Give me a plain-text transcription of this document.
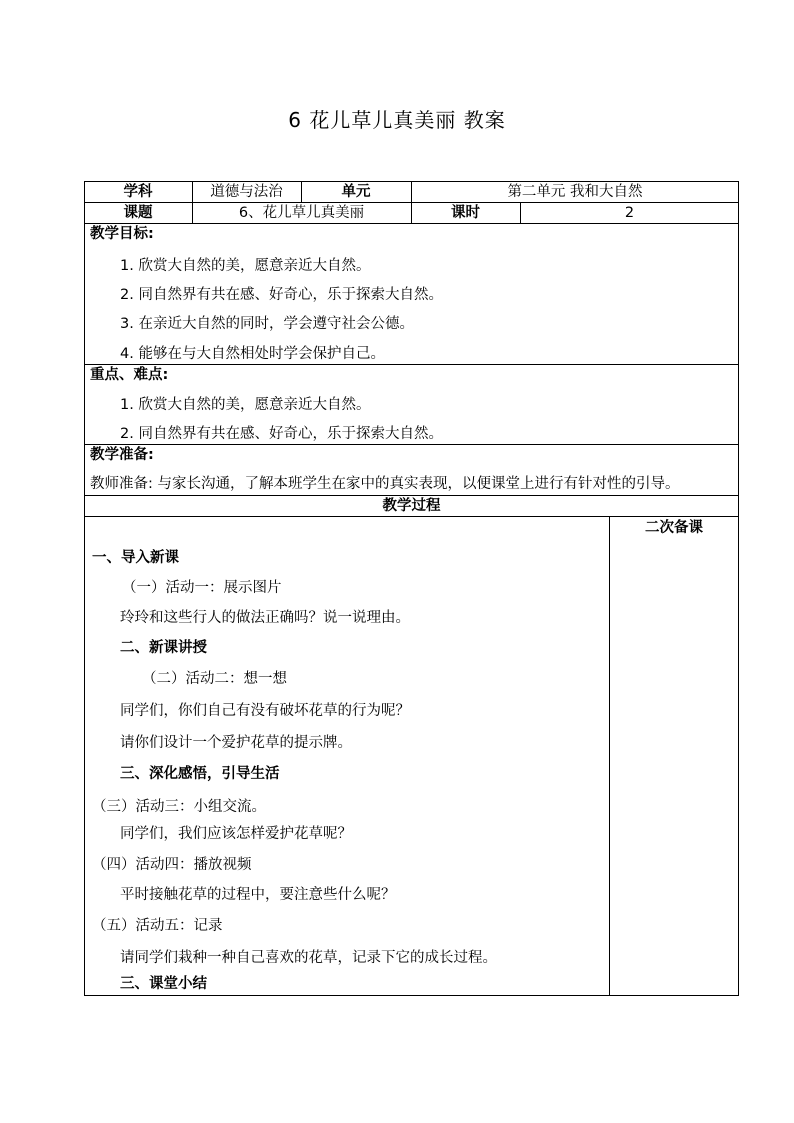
6 花儿草儿真美丽 教案
学科	道德与法治	单元	第二单元 我和大自然
课题	6、花儿草儿真美丽	课时	2
教学目标:
1. 欣赏大自然的美，愿意亲近大自然。
2. 同自然界有共在感、好奇心，乐于探索大自然。
3. 在亲近大自然的同时，学会遵守社会公德。
4. 能够在与大自然相处时学会保护自己。
重点、难点:
1. 欣赏大自然的美，愿意亲近大自然。
2. 同自然界有共在感、好奇心，乐于探索大自然。
教学准备:
教师准备: 与家长沟通，了解本班学生在家中的真实表现，以便课堂上进行有针对性的引导。
教学过程
二次备课
一、导入新课
（一）活动一：展示图片
玲玲和这些行人的做法正确吗？说一说理由。
二、新课讲授
（二）活动二：想一想
同学们，你们自己有没有破坏花草的行为呢？
请你们设计一个爱护花草的提示牌。
三、深化感悟，引导生活
（三）活动三：小组交流。
同学们，我们应该怎样爱护花草呢？
（四）活动四：播放视频
平时接触花草的过程中，要注意些什么呢？
（五）活动五：记录
请同学们栽种一种自己喜欢的花草，记录下它的成长过程。
三、课堂小结
